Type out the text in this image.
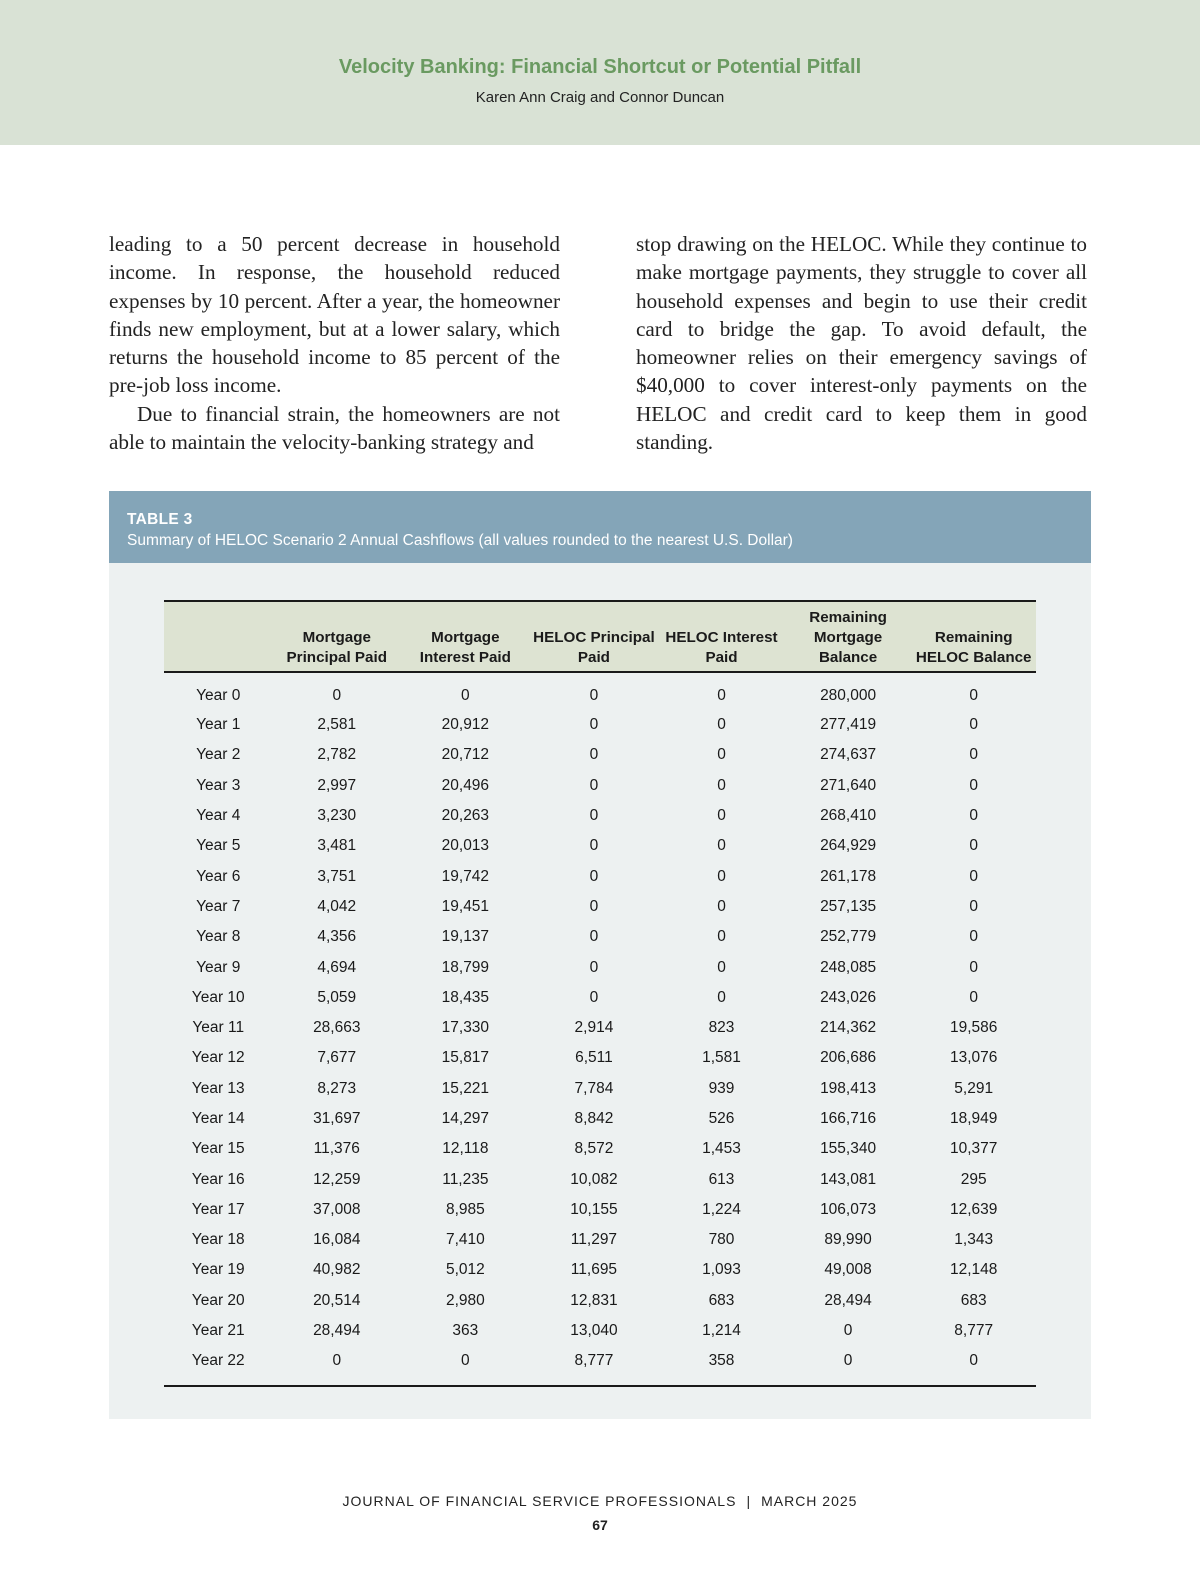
Velocity Banking: Financial Shortcut or Potential Pitfall
Karen Ann Craig and Connor Duncan

leading to a 50 percent decrease in household income. In response, the household reduced expenses by 10 percent. After a year, the homeowner finds new employment, but at a lower salary, which returns the household income to 85 percent of the pre-job loss income.

Due to financial strain, the homeowners are not able to maintain the velocity-banking strategy and

stop drawing on the HELOC. While they continue to make mortgage payments, they struggle to cover all household expenses and begin to use their credit card to bridge the gap. To avoid default, the homeowner relies on their emergency savings of $40,000 to cover interest-only payments on the HELOC and credit card to keep them in good standing.

TABLE 3
Summary of HELOC Scenario 2 Annual Cashflows (all values rounded to the nearest U.S. Dollar)
	Mortgage Principal Paid	Mortgage Interest Paid	HELOC Principal Paid	HELOC Interest Paid	Remaining Mortgage Balance	Remaining HELOC Balance
Year 0	0	0	0	0	280,000	0
Year 1	2,581	20,912	0	0	277,419	0
Year 2	2,782	20,712	0	0	274,637	0
Year 3	2,997	20,496	0	0	271,640	0
Year 4	3,230	20,263	0	0	268,410	0
Year 5	3,481	20,013	0	0	264,929	0
Year 6	3,751	19,742	0	0	261,178	0
Year 7	4,042	19,451	0	0	257,135	0
Year 8	4,356	19,137	0	0	252,779	0
Year 9	4,694	18,799	0	0	248,085	0
Year 10	5,059	18,435	0	0	243,026	0
Year 11	28,663	17,330	2,914	823	214,362	19,586
Year 12	7,677	15,817	6,511	1,581	206,686	13,076
Year 13	8,273	15,221	7,784	939	198,413	5,291
Year 14	31,697	14,297	8,842	526	166,716	18,949
Year 15	11,376	12,118	8,572	1,453	155,340	10,377
Year 16	12,259	11,235	10,082	613	143,081	295
Year 17	37,008	8,985	10,155	1,224	106,073	12,639
Year 18	16,084	7,410	11,297	780	89,990	1,343
Year 19	40,982	5,012	11,695	1,093	49,008	12,148
Year 20	20,514	2,980	12,831	683	28,494	683
Year 21	28,494	363	13,040	1,214	0	8,777
Year 22	0	0	8,777	358	0	0
JOURNAL OF FINANCIAL SERVICE PROFESSIONALS | MARCH 2025
67
